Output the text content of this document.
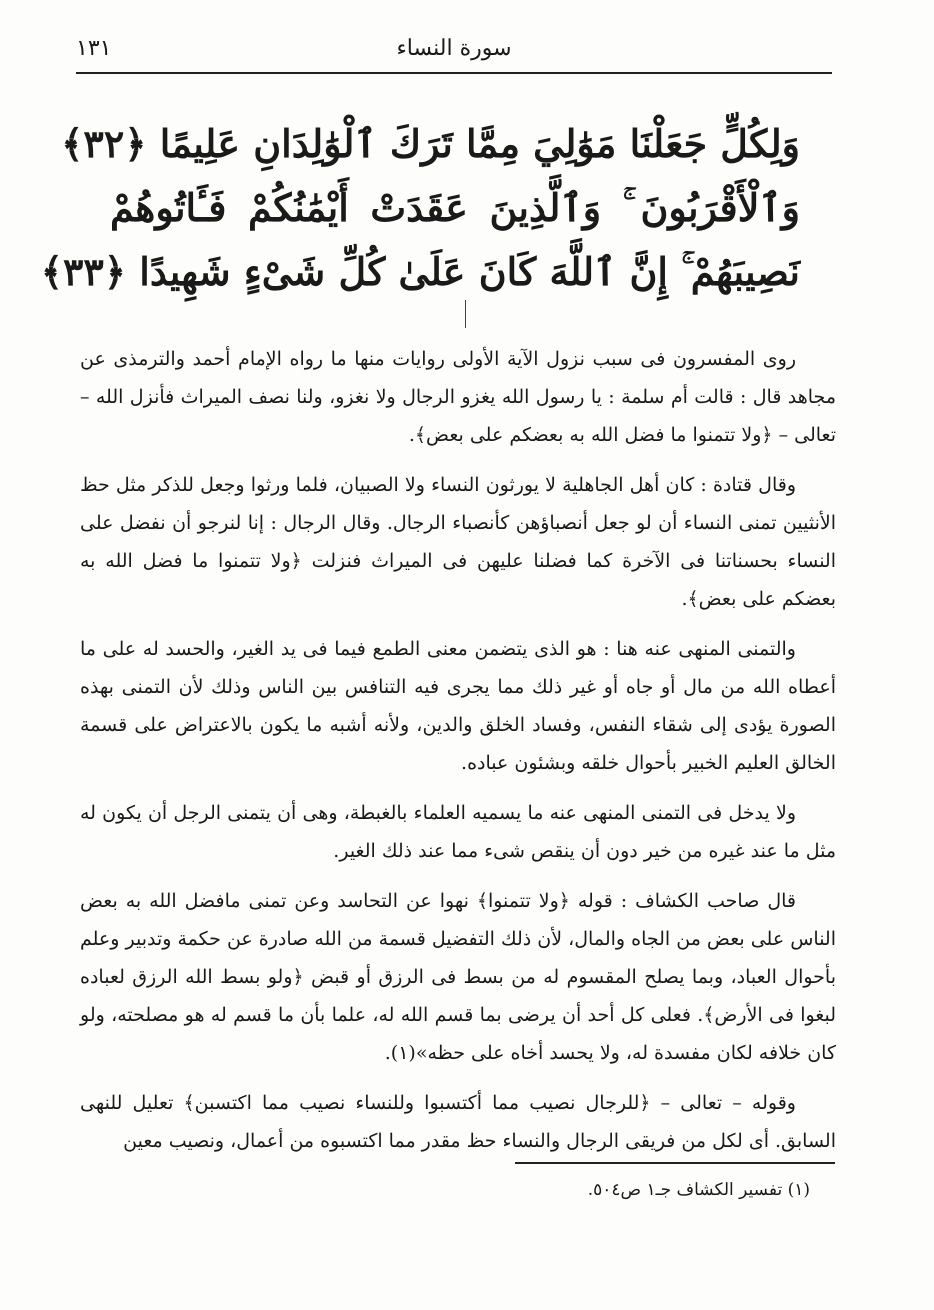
١٣١	سورة النساء
وَلِكُلٍّ جَعَلْنَا مَوَٰلِيَ مِمَّا تَرَكَ ٱلْوَٰلِدَانِ عَلِيمًا ﴿٣٢﴾
وَٱلْأَقْرَبُونَ ۚ وَٱلَّذِينَ عَقَدَتْ أَيْمَٰنُكُمْ فَـَٔاتُوهُمْ
نَصِيبَهُمْ ۚ إِنَّ ٱللَّهَ كَانَ عَلَىٰ كُلِّ شَىْءٍ شَهِيدًا ﴿٣٣﴾

روى المفسرون فى سبب نزول الآية الأولى روايات منها ما رواه الإمام أحمد والترمذى عن مجاهد قال : قالت أم سلمة : يا رسول الله يغزو الرجال ولا نغزو، ولنا نصف الميراث فأنزل الله – تعالى – ﴿ولا تتمنوا ما فضل الله به بعضكم على بعض﴾.

وقال قتادة : كان أهل الجاهلية لا يورثون النساء ولا الصبيان، فلما ورثوا وجعل للذكر مثل حظ الأنثيين تمنى النساء أن لو جعل أنصباؤهن كأنصباء الرجال. وقال الرجال : إنا لنرجو أن نفضل على النساء بحسناتنا فى الآخرة كما فضلنا عليهن فى الميراث فنزلت ﴿ولا تتمنوا ما فضل الله به بعضكم على بعض﴾.

والتمنى المنهى عنه هنا : هو الذى يتضمن معنى الطمع فيما فى يد الغير، والحسد له على ما أعطاه الله من مال أو جاه أو غير ذلك مما يجرى فيه التنافس بين الناس وذلك لأن التمنى بهذه الصورة يؤدى إلى شقاء النفس، وفساد الخلق والدين، ولأنه أشبه ما يكون بالاعتراض على قسمة الخالق العليم الخبير بأحوال خلقه وبشئون عباده.

ولا يدخل فى التمنى المنهى عنه ما يسميه العلماء بالغبطة، وهى أن يتمنى الرجل أن يكون له مثل ما عند غيره من خير دون أن ينقص شىء مما عند ذلك الغير.

قال صاحب الكشاف : قوله ﴿ولا تتمنوا﴾ نهوا عن التحاسد وعن تمنى مافضل الله به بعض الناس على بعض من الجاه والمال، لأن ذلك التفضيل قسمة من الله صادرة عن حكمة وتدبير وعلم بأحوال العباد، وبما يصلح المقسوم له من بسط فى الرزق أو قبض ﴿ولو بسط الله الرزق لعباده لبغوا فى الأرض﴾. فعلى كل أحد أن يرضى بما قسم الله له، علما بأن ما قسم له هو مصلحته، ولو كان خلافه لكان مفسدة له، ولا يحسد أخاه على حظه»(١).

وقوله – تعالى – ﴿للرجال نصيب مما أكتسبوا وللنساء نصيب مما اكتسبن﴾ تعليل للنهى السابق. أى لكل من فريقى الرجال والنساء حظ مقدر مما اكتسبوه من أعمال، ونصيب معين

(١) تفسير الكشاف جـ١ ص٥٠٤.
